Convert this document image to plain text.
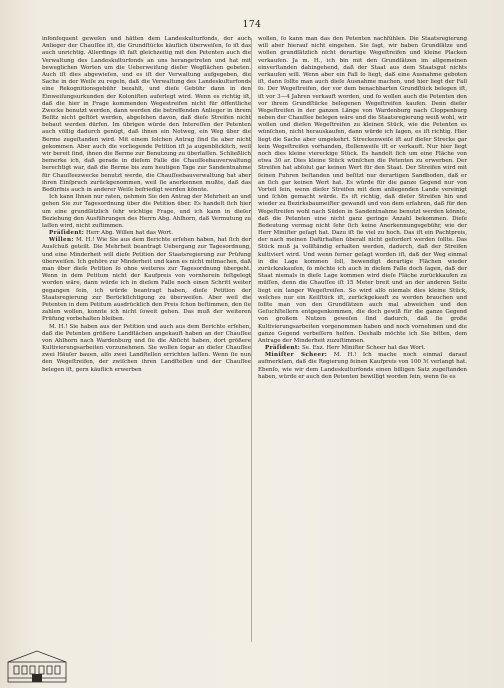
174

infonſequent geweſen und hätten dem Landeskulturfonds, der auch Anlieger der Chauſſee iſt, die Grundſtücke käuflich überweiſen, ſo iſt das auch unrichtig. Allerdings iſt faſt gleichzeitig mit den Petenten auch die Verwaltung des Landeskulturfonds an uns herangetreten und hat mit beweglichen Worten um die Ueberweiſung dieſer Wegflächen gebeten. Auch iſt dies abgewieſen, und es iſt der Verwaltung aufgegeben, die Sache in der Weiſe zu regeln, daß die Verwaltung des Landeskulturfonds eine Rekognitionsgebühr bezahlt, und dieſe Gebühr dann in den Einweiſungsurkunden der Koloniſten auferlegt wird. Wenn es richtig iſt, daß die hier in Frage kommenden Wegestreifen nicht für öffentliche Zwecke benutzt werden, dann werden die betreffenden Anlieger in ihrem Beſitz nicht geſtört werden, abgeſehen davon, daß dieſe Streifen nicht bebaut werden dürfen. Im übrigen würde den Intereſſen der Petenten auch völlig dadurch genügt, daß ihnen ein Notweg, ein Weg über die Berme zugeſtanden wird. Mit einem ſolchen Antrag ſind ſie aber nicht gekommen. Aber auch die vorliegende Petition iſt ja augenblicklich, weil wir bereit ſind, ihnen die Berme zur Benutzung zu überlaſſen. Schließlich bemerke ich, daß gerade in dieſem Falle die Chauſſeebauverwaltung berechtigt war, daß die Berme bis zum heutigen Tage zur Sandentnahme für Chauſſeezwecke benutzt werde, die Chauſſeebauverwaltung hat aber ihren Einſpruch zurückgenommen, weil ſie anerkennen mußte, daß das Bedürfnis auch in anderer Weiſe befriedigt werden könnte.

Ich kann Ihnen nur raten, nehmen Sie den Antrag der Mehrheit an und gehen Sie zur Tagesordnung über die Petition über. Es handelt ſich hier um eine grundſätzlich ſehr wichtige Frage, und ich kann in dieſer Beziehung den Ausführungen des Herrn Abg. Ahlhorn, daß Vermutung zu laſſen wird, nicht zuſtimmen.

Präſident: Herr Abg. Willen hat das Wort.

Willen: M. H.! Wie Sie aus dem Berichte erſehen haben, hat ſich der Ausſchuß geteilt. Die Mehrheit beantragt Uebergang zur Tagesordnung, und eine Minderheit will dieſe Petition der Staatsregierung zur Prüfung überweiſen. Ich gehöre zur Minderheit und kann es nicht mitmachen, daß man über dieſe Petition ſo ohne weiteres zur Tagesordnung übergeht. Wenn in dem Petitum nicht der Kaufpreis von vornherein feſtgelegt worden wäre, dann würde ich in dieſem Falle noch einen Schritt weiter gegangen ſein, ich würde beantragt haben, dieſe Petition der Staatsregierung zur Berückſichtigung zu überweiſen. Aber weil die Petenten in dem Petitum ausdrücklich den Preis ſchon beſtimmen, den ſie zahlen wollen, konnte ich nicht ſoweit gehen. Das muß der weiteren Prüfung vorbehalten bleiben.

M. H.! Sie haben aus der Petition und auch aus dem Berichte erſehen, daß die Petenten größere Landflächen angekauft haben an der Chauſſee von Ahlhorn nach Wardenburg und ſie die Abſicht haben, dort größere Kultivierungsarbeiten vorzunehmen. Sie wollen ſogar an dieſer Chauſſee zwei Häuſer bauen, alſo zwei Landſtellen errichten laſſen. Wenn ſie nun den Wegeſtreifen, der zwiſchen ihren Landſtellen und der Chauſſee belegen iſt, gern käuflich erwerben

wollen, ſo kann man das den Petenten nachfühlen. Die Staatsregierung will aber hierauf nicht eingehen. Sie ſagt, wir haben Grundſätze und wollen grundſätzlich nicht derartige Wegeſtreifen und kleine Placken verkaufen. Ja m. H., ich bin mit den Grundſätzen im allgemeinen einverſtanden dahingehend, daß der Staat aus dem Staatsgut nichts verkaufen will. Wenn aber ein Fall ſo liegt, daß eine Ausnahme geboten iſt, dann ſollte man auch dieſe Ausnahme machen, und hier liegt der Fall ſo. Der Wegeſtreifen, der vor dem benachbarten Grundſtück belegen iſt, iſt vor 3—4 Jahren verkauft worden, und ſo wollen auch die Petenten den vor ihrem Grundſtücke belegenen Wegeſtreifen kaufen. Denn dieſer Wegeſtreifen in der ganzen Länge von Wardenburg nach Cloppenburg neben der Chauſſee belegen wäre und die Staatsregierung weiß wohl, wir wollen und dieſen Wegeſtreifen zu kleinen Stück, wie die Petenten es wünſchen, nicht herauskaufen, dann würde ich ſagen, es iſt richtig. Hier liegt die Sache aber umgekehrt. Streckenweiſe iſt auf dieſer Strecke gar kein Wegeſtreifen vorhanden, ſtellenweiſe iſt er verkauft. Nur hier liegt noch dies kleine viereckige Stück. Es handelt ſich um eine Fläche von etwa 30 ar. Dies kleine Stück wünſchen die Petenten zu erwerben. Der Streifen hat abſolut gar keinen Wert für den Staat. Der Streifen wird mit ſeinen Fuhren beſtanden und beſitzt nur derartigen Sandboden, daß er an ſich gar keinen Wert hat. Es würde für die ganze Gegend nur von Vorteil ſein, wenn dieſer Streifen mit dem anliegenden Lande vereinigt und ſchön gemacht würde. Es iſt richtig, daß dieſer Streifen hin und wieder zu Bezirksbaumeiſter gewandt und von dem erfahren, daß für den Wegeſtreifen wohl nach Süden in Sandentnahme benutzt werden könnte, daß die Petenten eine nicht ganz geringe Anzahl bekommen. Dieſe Bedeutung vermag nicht ſehr ſich keine Anerkennungsgebühr, wie der Herr Miniſter geſagt hat. Dazu iſt ſie viel zu hoch. Das iſt ein Pachtpreis, der nach meinen Dafürhalten überall nicht gefordert werden ſollte. Das Stück muß ja vollſtändig erhalten werden, dadurch, daß der Streifen kultiviert wird. Und wenn ferner geſagt worden iſt, daß der Weg einmal in die Lage kommen ſoll, bewendigt derartige Flächen wieder zurückzukaufen, ſo möchte ich auch in dieſem Falle doch ſagen, daß der Staat niemals in dieſe Lage kommen wird dieſe Fläche zurückkaufen zu müſſen, denn die Chauſſee iſt 15 Meter breit und an der anderen Seite liegt ein langer Wegeſtreifen. So wird alſo niemals dies kleine Stück, welches nur ein Keilſtück iſt, zurückgekauft zu werden brauchen und ſollte man von den Grundſätzen auch mal abweichen und den Geſuchſtellern entgegenkommen, die doch gewiß für die ganze Gegend von großem Nutzen geweſen ſind dadurch, daß ſie große Kultivierungsarbeiten vorgenommen haben und noch vornehmen und die ganze Gegend verbeſſern helfen. Deshalb möchte ich Sie bitten, dem Antrage der Minderheit zuzuſtimmen.

Präſident: Se. Exz. Herr Miniſter Scheer hat das Wort.

Miniſter Scheer: M. H.! Ich mache noch einmal darauf aufmerkſam, daß die Regierung feinen Kaufpreis von 100 ℳ verlangt hat. Ebenſo, wie wir dem Landeskulturfonds einen billigen Satz zugeſtanden haben, würde er auch den Petenten bewilligt worden ſein, wenn ſie es
